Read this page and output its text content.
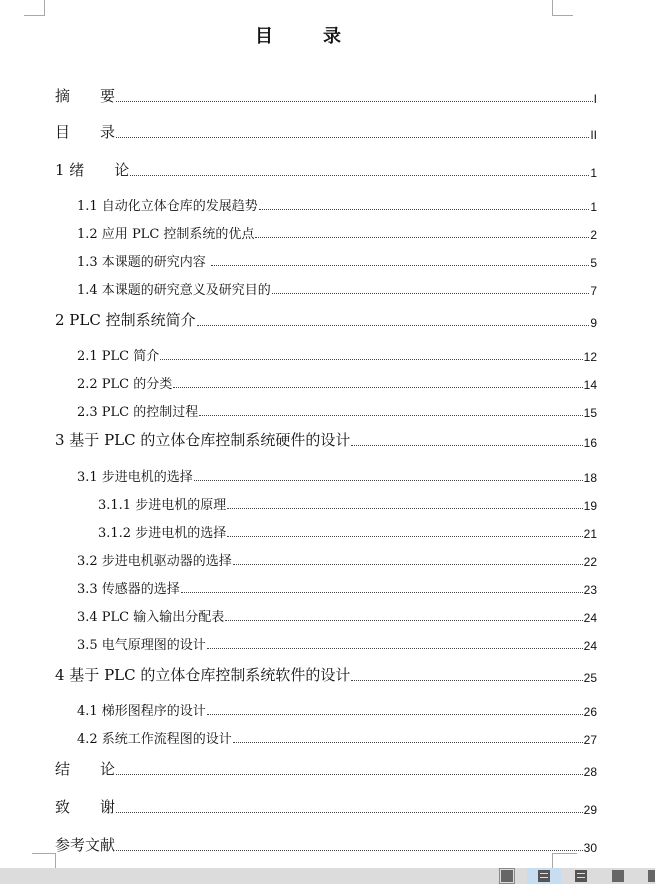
目　录
摘　　要	I
目　　录	II
1 绪　　论	1
1.1 自动化立体仓库的发展趋势	1
1.2 应用 PLC 控制系统的优点	2
1.3 本课题的研究内容	5
1.4 本课题的研究意义及研究目的	7
2 PLC 控制系统简介	9
2.1 PLC 简介	12
2.2 PLC 的分类	14
2.3 PLC 的控制过程	15
3 基于 PLC 的立体仓库控制系统硬件的设计	16
3.1 步进电机的选择	18
3.1.1 步进电机的原理	19
3.1.2 步进电机的选择	21
3.2 步进电机驱动器的选择	22
3.3 传感器的选择	23
3.4 PLC 输入输出分配表	24
3.5 电气原理图的设计	24
4 基于 PLC 的立体仓库控制系统软件的设计	25
4.1 梯形图程序的设计	26
4.2 系统工作流程图的设计	27
结　　论	28
致　　谢	29
参考文献	30
